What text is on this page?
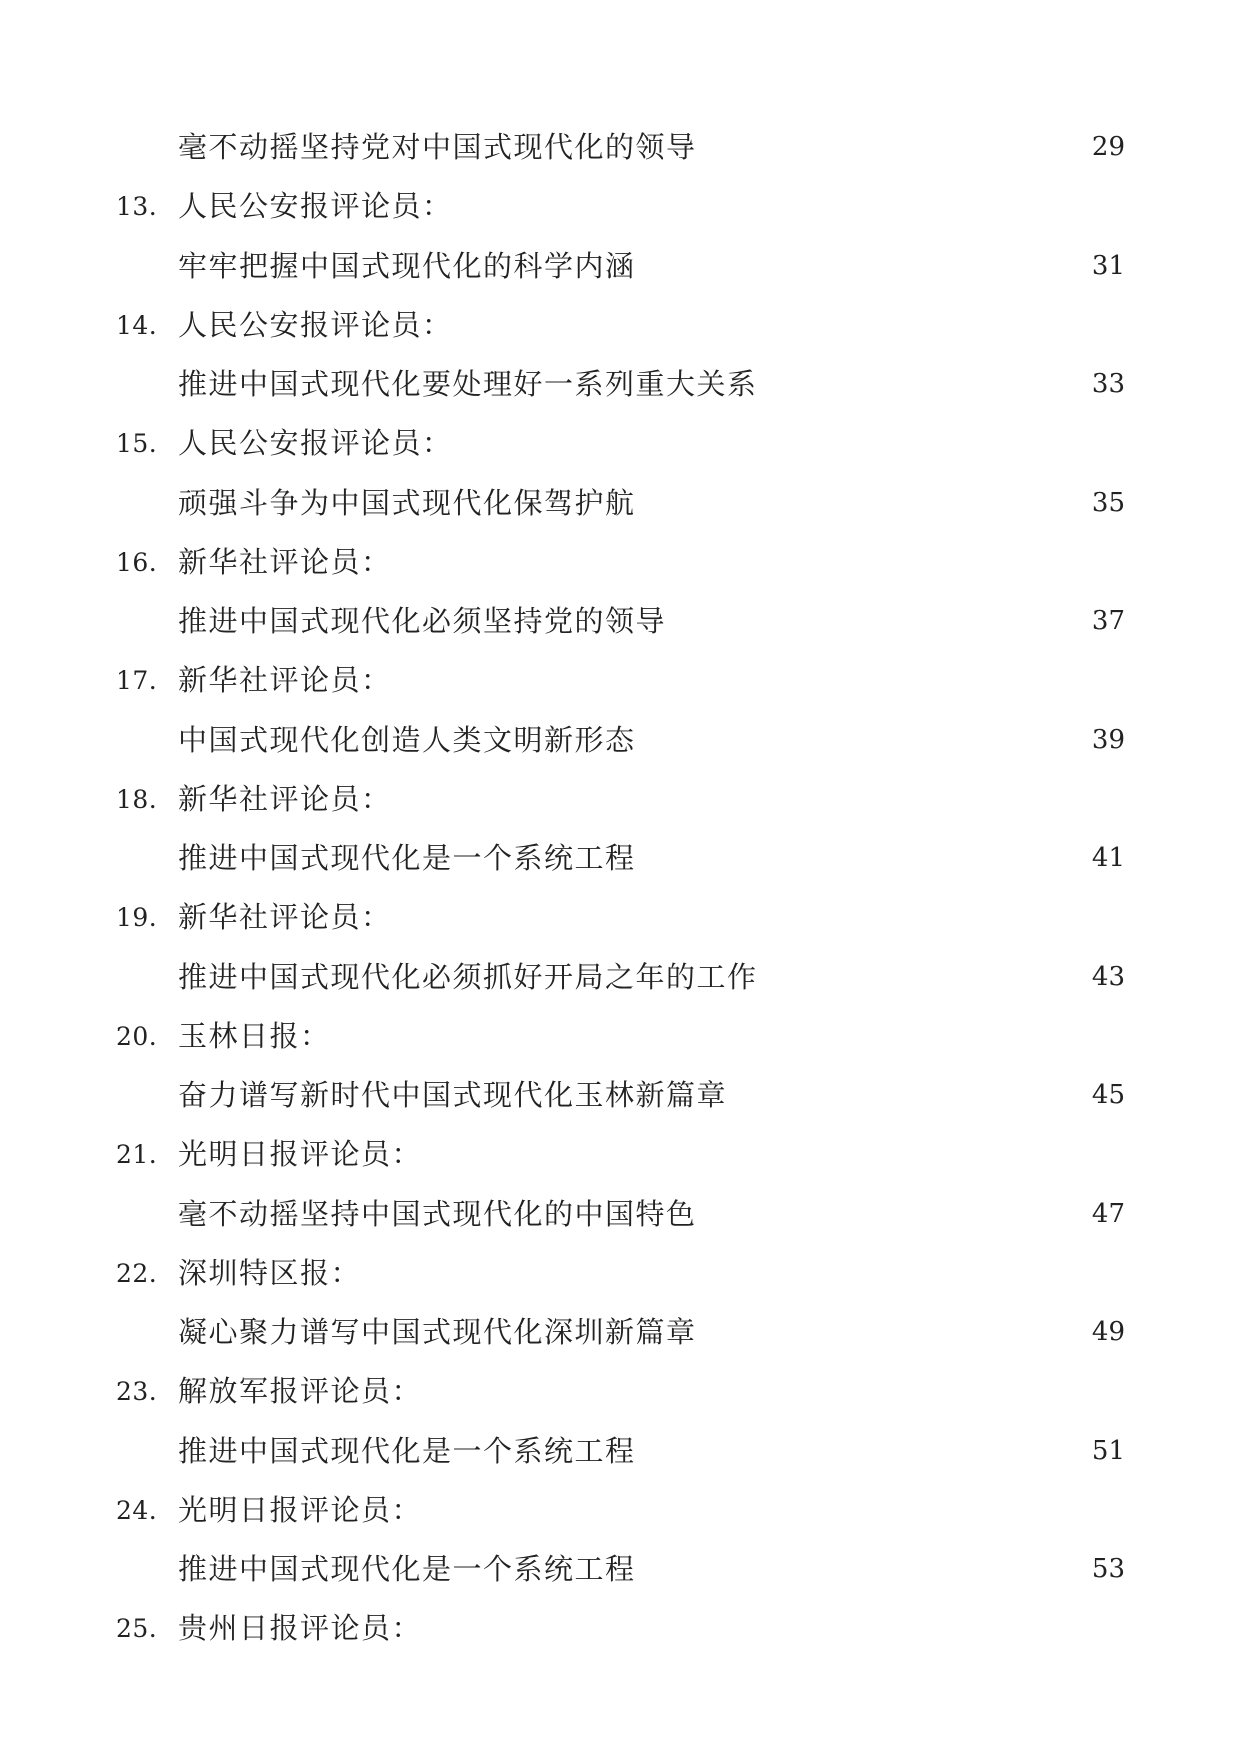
毫不动摇坚持党对中国式现代化的领导	29
13. 人民公安报评论员：
牢牢把握中国式现代化的科学内涵	31
14. 人民公安报评论员：
推进中国式现代化要处理好一系列重大关系	33
15. 人民公安报评论员：
顽强斗争为中国式现代化保驾护航	35
16. 新华社评论员：
推进中国式现代化必须坚持党的领导	37
17. 新华社评论员：
中国式现代化创造人类文明新形态	39
18. 新华社评论员：
推进中国式现代化是一个系统工程	41
19. 新华社评论员：
推进中国式现代化必须抓好开局之年的工作	43
20. 玉林日报：
奋力谱写新时代中国式现代化玉林新篇章	45
21. 光明日报评论员：
毫不动摇坚持中国式现代化的中国特色	47
22. 深圳特区报：
凝心聚力谱写中国式现代化深圳新篇章	49
23. 解放军报评论员：
推进中国式现代化是一个系统工程	51
24. 光明日报评论员：
推进中国式现代化是一个系统工程	53
25. 贵州日报评论员：
